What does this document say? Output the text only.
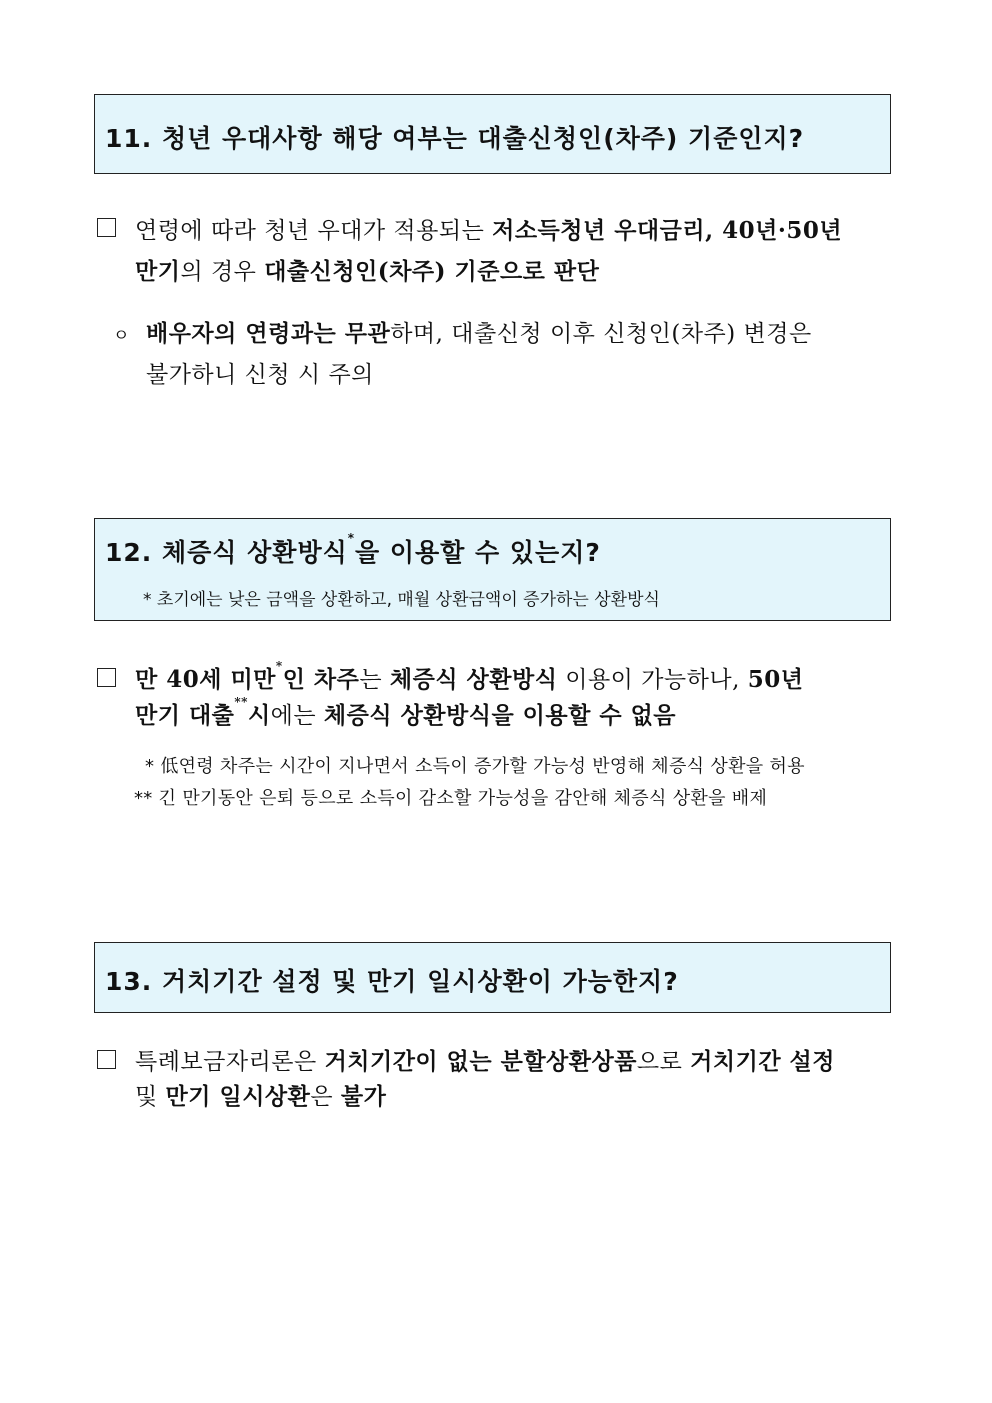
11. 청년 우대사항 해당 여부는 대출신청인(차주) 기준인지?
연령에 따라 청년 우대가 적용되는 저소득청년 우대금리, 40년·50년
만기의 경우 대출신청인(차주) 기준으로 판단
ㅇ 배우자의 연령과는 무관하며, 대출신청 이후 신청인(차주) 변경은
불가하니 신청 시 주의
12. 체증식 상환방식*을 이용할 수 있는지?
* 초기에는 낮은 금액을 상환하고, 매월 상환금액이 증가하는 상환방식
만 40세 미만*인 차주는 체증식 상환방식 이용이 가능하나, 50년
만기 대출**시에는 체증식 상환방식을 이용할 수 없음
* 低연령 차주는 시간이 지나면서 소득이 증가할 가능성 반영해 체증식 상환을 허용
** 긴 만기동안 은퇴 등으로 소득이 감소할 가능성을 감안해 체증식 상환을 배제
13. 거치기간 설정 및 만기 일시상환이 가능한지?
특례보금자리론은 거치기간이 없는 분할상환상품으로 거치기간 설정
및 만기 일시상환은 불가
